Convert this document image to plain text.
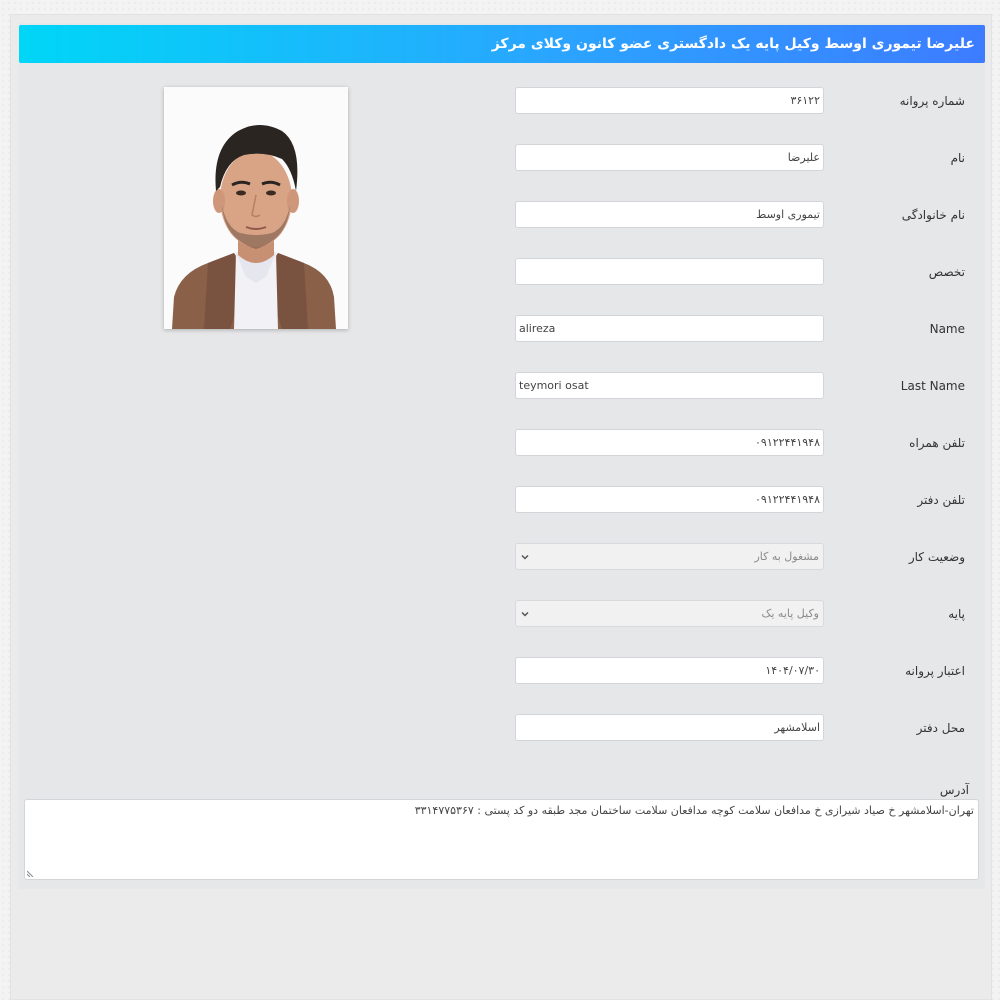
علیرضا تیموری اوسط وکیل پایه یک دادگستری عضو کانون وکلای مرکز
شماره پروانه
۳۶۱۲۲
نام
علیرضا
نام خانوادگی
تیموری اوسط
تخصص
Name
alireza
Last Name
teymori osat
تلفن همراه
۰۹۱۲۲۴۴۱۹۴۸
تلفن دفتر
۰۹۱۲۲۴۴۱۹۴۸
وضعیت کار
مشغول به کار
پایه
وکیل پایه یک
اعتبار پروانه
۱۴۰۴/۰۷/۳۰
محل دفتر
اسلامشهر
آدرس
تهران-اسلامشهر خ صیاد شیرازی خ مدافعان سلامت کوچه مدافعان سلامت ساختمان مجد طبقه دو کد پستی : ۳۳۱۴۷۷۵۳۶۷
